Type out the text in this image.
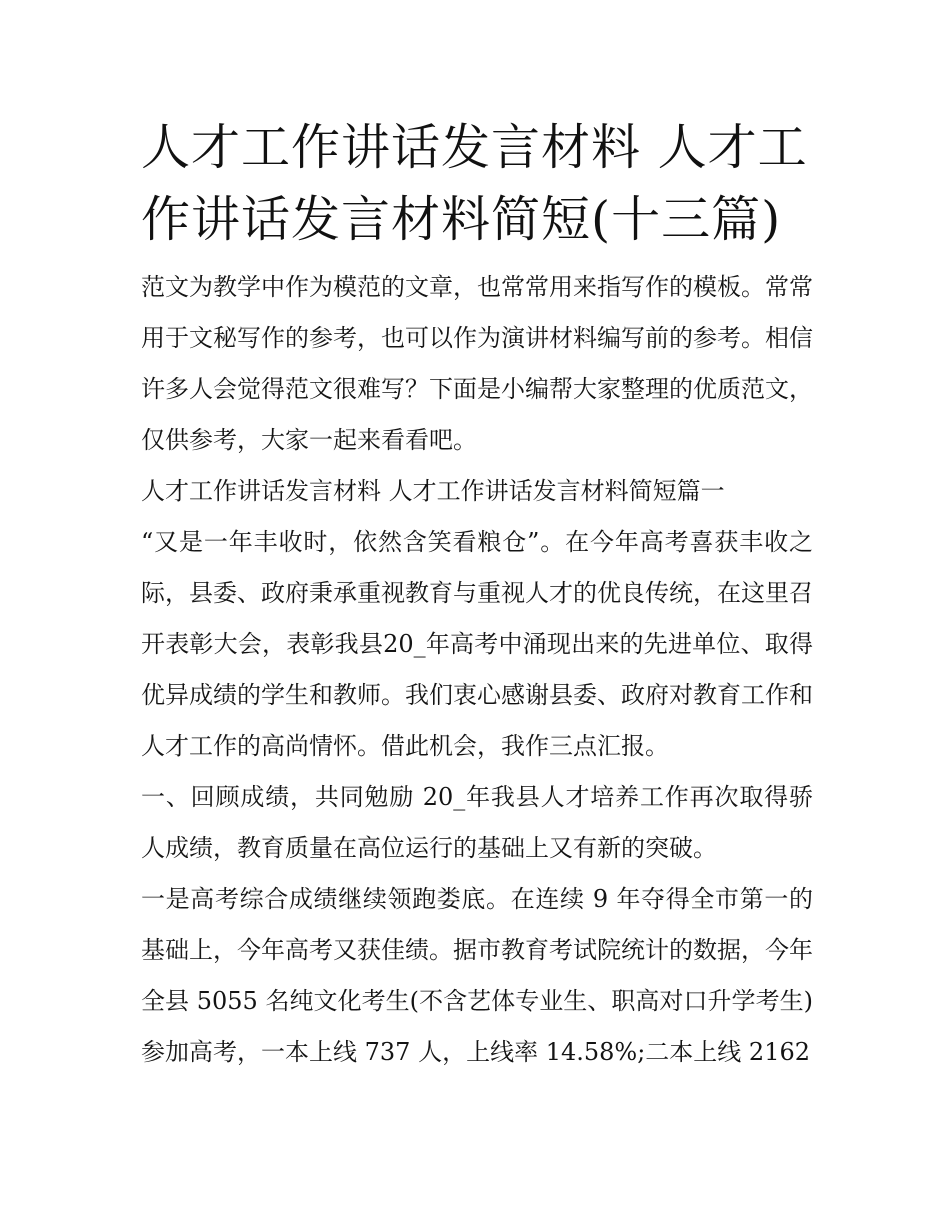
人才工作讲话发言材料 人才工作讲话发言材料简短(十三篇)

范文为教学中作为模范的文章，也常常用来指写作的模板。常常用于文秘写作的参考，也可以作为演讲材料编写前的参考。相信许多人会觉得范文很难写？下面是小编帮大家整理的优质范文，仅供参考，大家一起来看看吧。

人才工作讲话发言材料 人才工作讲话发言材料简短篇一

“又是一年丰收时，依然含笑看粮仓”。在今年高考喜获丰收之际，县委、政府秉承重视教育与重视人才的优良传统，在这里召开表彰大会，表彰我县20_年高考中涌现出来的先进单位、取得优异成绩的学生和教师。我们衷心感谢县委、政府对教育工作和人才工作的高尚情怀。借此机会，我作三点汇报。

一、回顾成绩，共同勉励 20_年我县人才培养工作再次取得骄人成绩，教育质量在高位运行的基础上又有新的突破。

一是高考综合成绩继续领跑娄底。在连续 9 年夺得全市第一的基础上，今年高考又获佳绩。据市教育考试院统计的数据，今年全县 5055 名纯文化考生(不含艺体专业生、职高对口升学考生)参加高考，一本上线 737 人，上线率 14.58%;二本上线 2162
